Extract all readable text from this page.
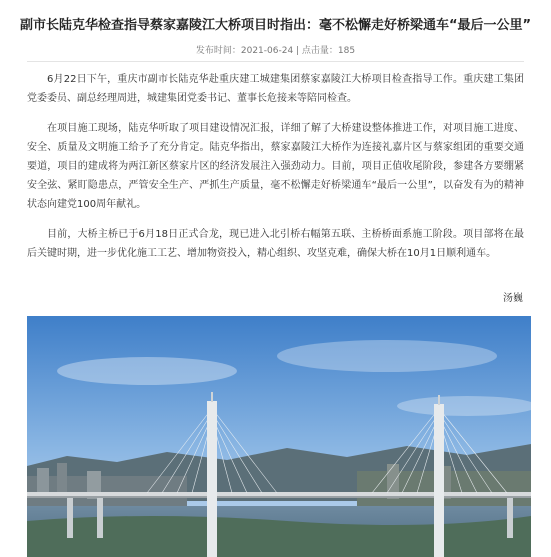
副市长陆克华检查指导蔡家嘉陵江大桥项目时指出：毫不松懈走好桥梁通车“最后一公里”
发布时间：2021-06-24 | 点击量：185

6月22日下午，重庆市副市长陆克华赴重庆建工城建集团蔡家嘉陵江大桥项目检查指导工作。重庆建工集团党委委员、副总经理周进，城建集团党委书记、董事长危接来等陪同检查。

在项目施工现场，陆克华听取了项目建设情况汇报，详细了解了大桥建设整体推进工作，对项目施工进度、安全、质量及文明施工给予了充分肯定。陆克华指出，蔡家嘉陵江大桥作为连接礼嘉片区与蔡家组团的重要交通要道，项目的建成将为两江新区蔡家片区的经济发展注入强劲动力。目前，项目正值收尾阶段，参建各方要绷紧安全弦、紧盯隐患点，严管安全生产、严抓生产质量，毫不松懈走好桥梁通车“最后一公里”，以奋发有为的精神状态向建党100周年献礼。

目前，大桥主桥已于6月18日正式合龙，现已进入北引桥右幅第五联、主桥桥面系施工阶段。项目部将在最后关键时期，进一步优化施工工艺、增加物资投入，精心组织、攻坚克难，确保大桥在10月1日顺利通车。

汤巍
